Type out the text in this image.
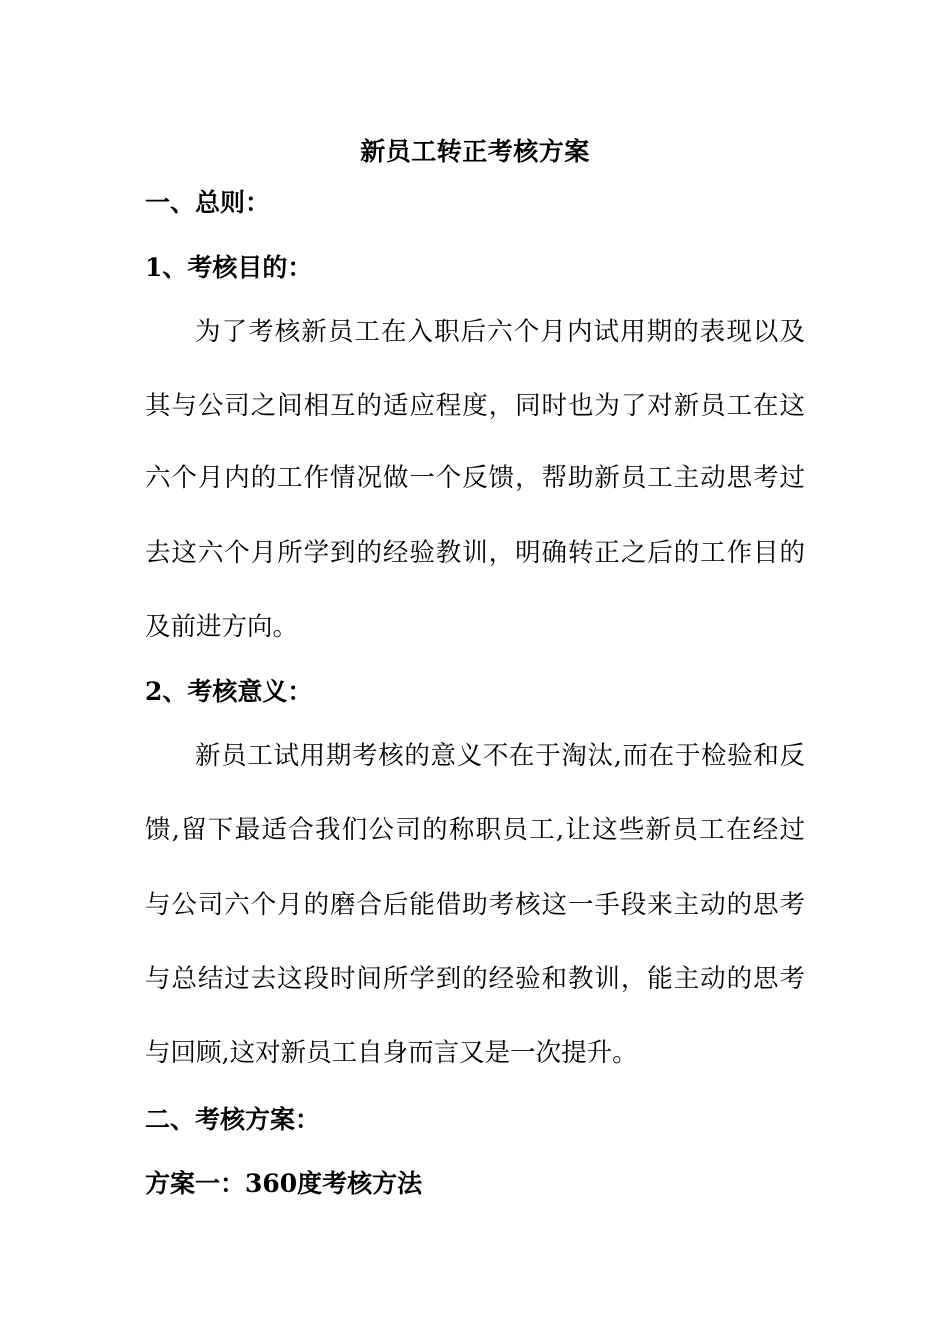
新员工转正考核方案
一、总则：
1、考核目的：
为了考核新员工在入职后六个月内试用期的表现以及
其与公司之间相互的适应程度，同时也为了对新员工在这
六个月内的工作情况做一个反馈，帮助新员工主动思考过
去这六个月所学到的经验教训，明确转正之后的工作目的
及前进方向。
2、考核意义：
新员工试用期考核的意义不在于淘汰,而在于检验和反
馈,留下最适合我们公司的称职员工,让这些新员工在经过
与公司六个月的磨合后能借助考核这一手段来主动的思考
与总结过去这段时间所学到的经验和教训，能主动的思考
与回顾,这对新员工自身而言又是一次提升。
二、考核方案：
方案一：360度考核方法
